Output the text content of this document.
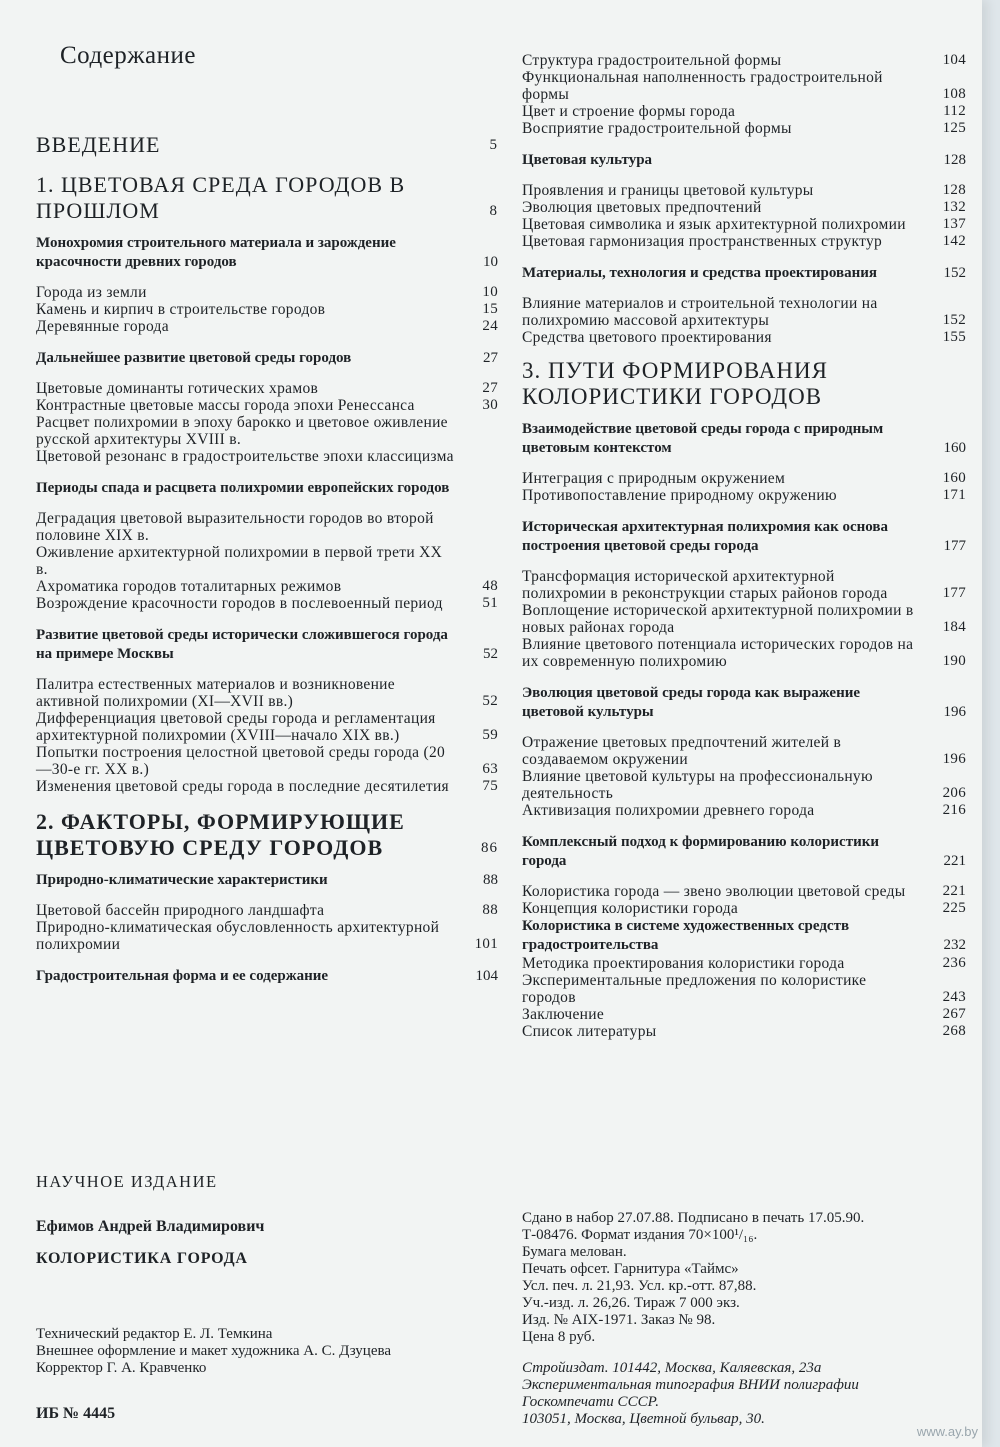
Содержание
ВВЕДЕНИЕ	5
1. ЦВЕТОВАЯ СРЕДА ГОРОДОВ В ПРОШЛОМ	8
Монохромия строительного материала и зарождение красочности древних городов	10
Города из земли	10
Камень и кирпич в строительстве городов	15
Деревянные города	24
Дальнейшее развитие цветовой среды городов	27
Цветовые доминанты готических храмов	27
Контрастные цветовые массы города эпохи Ренессанса	30
Расцвет полихромии в эпоху барокко и цветовое оживление русской архитектуры XVIII в.
Цветовой резонанс в градостроительстве эпохи классицизма
Периоды спада и расцвета полихромии европейских городов
Деградация цветовой выразительности городов во второй половине XIX в.
Оживление архитектурной полихромии в первой трети XX в.
Ахроматика городов тоталитарных режимов	48
Возрождение красочности городов в послевоенный период	51
Развитие цветовой среды исторически сложившегося города на примере Москвы	52
Палитра естественных материалов и возникновение активной полихромии (XI—XVII вв.)	52
Дифференциация цветовой среды города и регламентация архитектурной полихромии (XVIII—начало XIX вв.)	59
Попытки построения целостной цветовой среды города (20—30-е гг. XX в.)	63
Изменения цветовой среды города в последние десятилетия	75
2. ФАКТОРЫ, ФОРМИРУЮЩИЕ ЦВЕТОВУЮ СРЕДУ ГОРОДОВ	86
Природно-климатические характеристики	88
Цветовой бассейн природного ландшафта	88
Природно-климатическая обусловленность архитектурной полихромии	101
Градостроительная форма и ее содержание	104
Структура градостроительной формы	104
Функциональная наполненность градостроительной формы	108
Цвет и строение формы города	112
Восприятие градостроительной формы	125
Цветовая культура	128
Проявления и границы цветовой культуры	128
Эволюция цветовых предпочтений	132
Цветовая символика и язык архитектурной полихромии	137
Цветовая гармонизация пространственных структур	142
Материалы, технология и средства проектирования	152
Влияние материалов и строительной технологии на полихромию массовой архитектуры	152
Средства цветового проектирования	155
3. ПУТИ ФОРМИРОВАНИЯ КОЛОРИСТИКИ ГОРОДОВ
Взаимодействие цветовой среды города с природным цветовым контекстом	160
Интеграция с природным окружением	160
Противопоставление природному окружению	171
Историческая архитектурная полихромия как основа построения цветовой среды города	177
Трансформация исторической архитектурной полихромии в реконструкции старых районов города	177
Воплощение исторической архитектурной полихромии в новых районах города	184
Влияние цветового потенциала исторических городов на их современную полихромию	190
Эволюция цветовой среды города как выражение цветовой культуры	196
Отражение цветовых предпочтений жителей в создаваемом окружении	196
Влияние цветовой культуры на профессиональную деятельность	206
Активизация полихромии древнего города	216
Комплексный подход к формированию колористики города	221
Колористика города — звено эволюции цветовой среды	221
Концепция колористики города	225
Колористика в системе художественных средств градостроительства	232
Методика проектирования колористики города	236
Экспериментальные предложения по колористике городов	243
Заключение	267
Список литературы	268
НАУЧНОЕ ИЗДАНИЕ
Ефимов Андрей Владимирович
КОЛОРИСТИКА ГОРОДА
Технический редактор Е. Л. Темкина
Внешнее оформление и макет художника А. С. Дзуцева
Корректор Г. А. Кравченко
ИБ № 4445
Сдано в набор 27.07.88. Подписано в печать 17.05.90.
Т-08476. Формат издания 70×100¹/₁₆.
Бумага мелован.
Печать офсет. Гарнитура «Таймс»
Усл. печ. л. 21,93. Усл. кр.-отт. 87,88.
Уч.-изд. л. 26,26. Тираж 7 000 экз.
Изд. № AIX-1971. Заказ № 98.
Цена 8 руб.
Стройиздат. 101442, Москва, Каляевская, 23а
Экспериментальная типография ВНИИ полиграфии
Госкомпечати СССР.
103051, Москва, Цветной бульвар, 30.
www.ay.by
